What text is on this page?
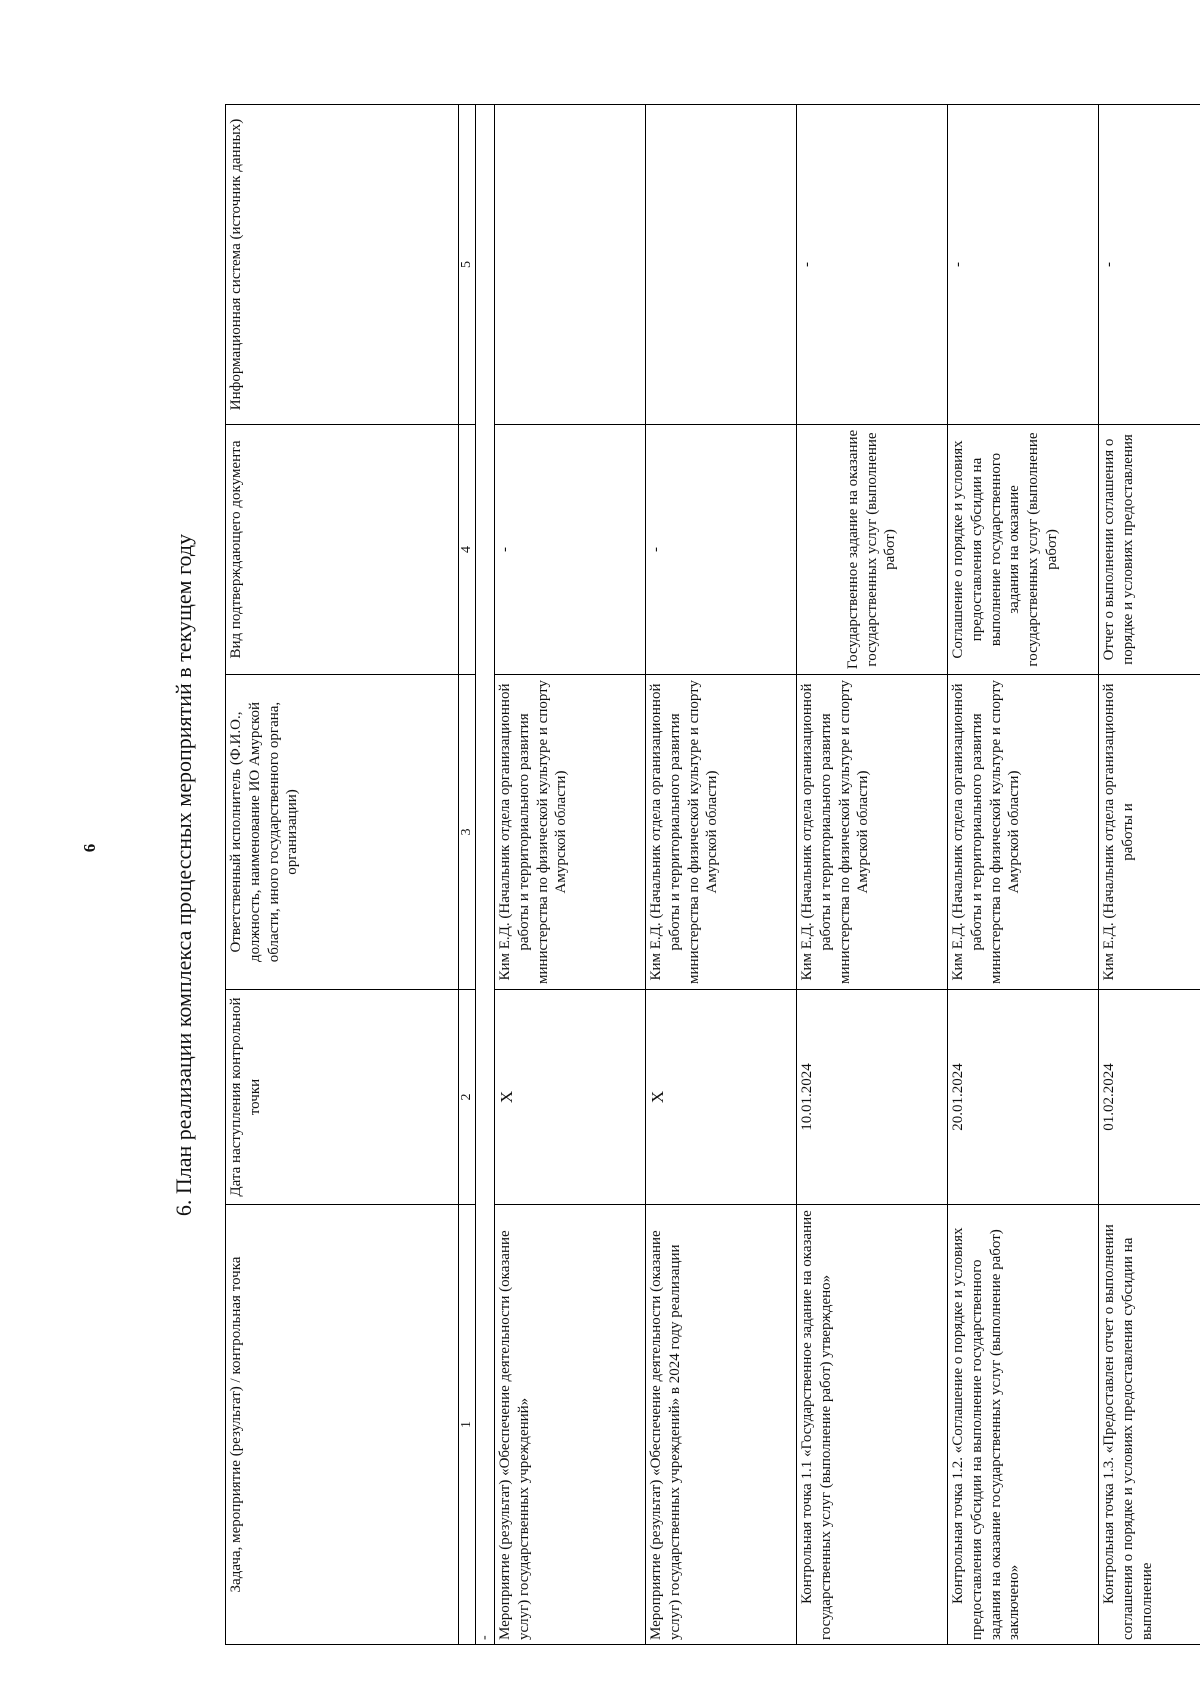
6	6. План реализации комплекса процессных мероприятий в текущем году
Задача, мероприятие (результат) / контрольная точка	Дата наступления контрольной точки	Ответственный исполнитель (Ф.И.О., должность, наименование ИО Амурской области, иного государственного органа, организации)	Вид подтверждающего документа	Информационная система (источник данных)
1	2	3	4	5
-				
Мероприятие (результат) «Обеспечение деятельности (оказание услуг) государственных учреждений»	Х	Ким Е.Д. (Начальник отдела организационной работы и территориального развития министерства по физической культуре и спорту Амурской области)	-	
Мероприятие (результат) «Обеспечение деятельности (оказание услуг) государственных учреждений» в 2024 году реализации	Х	Ким Е.Д. (Начальник отдела организационной работы и территориального развития министерства по физической культуре и спорту Амурской области)	-	
Контрольная точка 1.1 «Государственное задание на оказание государственных услуг (выполнение работ) утверждено»	10.01.2024	Ким Е.Д. (Начальник отдела организационной работы и территориального развития министерства по физической культуре и спорту Амурской области)	Государственное задание на оказание государственных услуг (выполнение работ)	-
Контрольная точка 1.2. «Соглашение о порядке и условиях предоставления субсидии на выполнение государственного задания на оказание государственных услуг (выполнение работ) заключено»	20.01.2024	Ким Е.Д. (Начальник отдела организационной работы и территориального развития министерства по физической культуре и спорту Амурской области)	Соглашение о порядке и условиях предоставления субсидии на выполнение государственного задания на оказание государственных услуг (выполнение работ)	-
Контрольная точка 1.3. «Предоставлен отчет о выполнении соглашения о порядке и условиях предоставления субсидии на выполнение	01.02.2024	Ким Е.Д. (Начальник отдела организационной работы и	Отчет о выполнении соглашения о порядке и условиях предоставления	-
